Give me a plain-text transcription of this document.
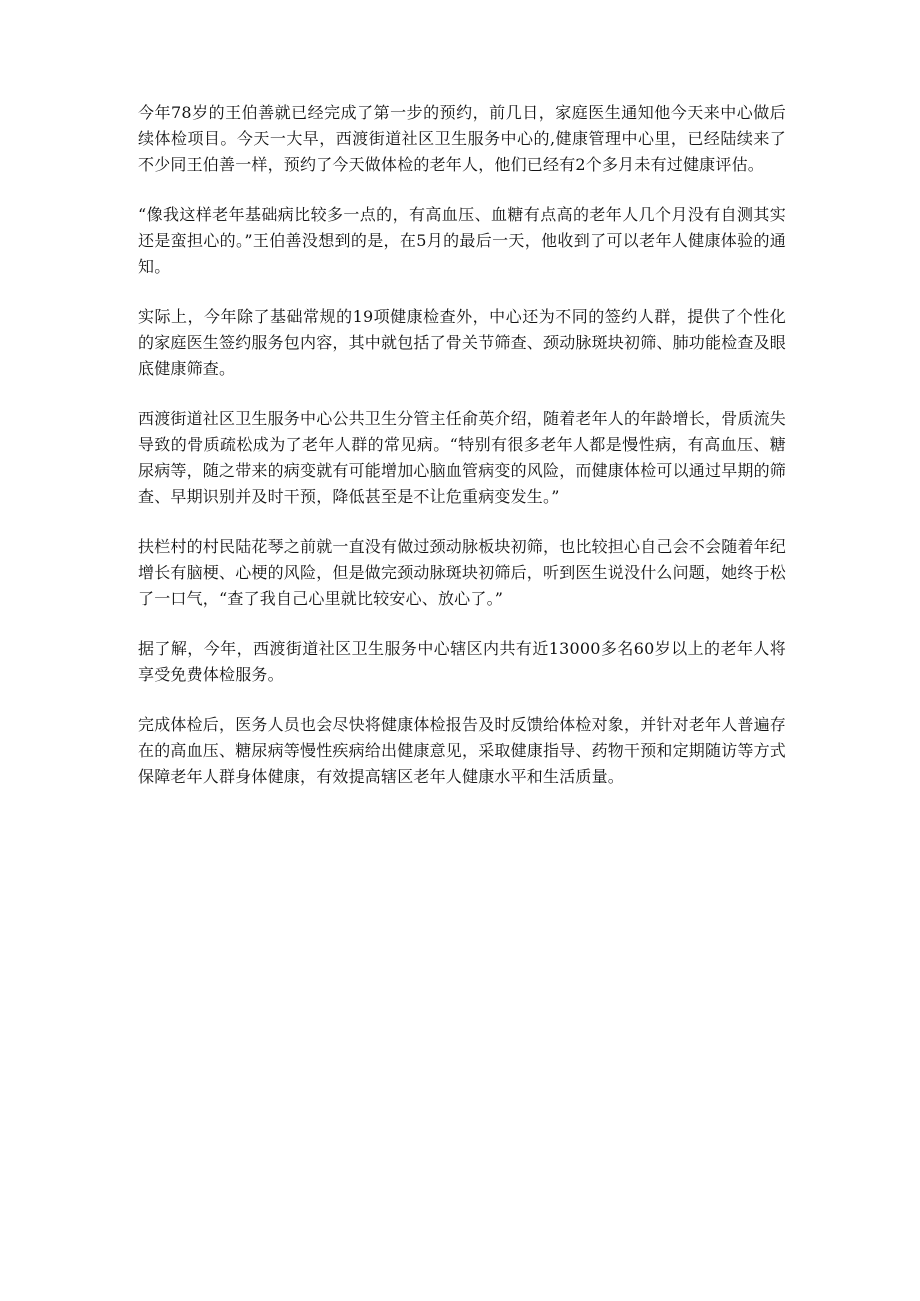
今年78岁的王伯善就已经完成了第一步的预约，前几日，家庭医生通知他今天来中心做后续体检项目。今天一大早，西渡街道社区卫生服务中心的,健康管理中心里，已经陆续来了不少同王伯善一样，预约了今天做体检的老年人，他们已经有2个多月未有过健康评估。

“像我这样老年基础病比较多一点的，有高血压、血糖有点高的老年人几个月没有自测其实还是蛮担心的。”王伯善没想到的是，在5月的最后一天，他收到了可以老年人健康体验的通知。

实际上，今年除了基础常规的19项健康检查外，中心还为不同的签约人群，提供了个性化的家庭医生签约服务包内容，其中就包括了骨关节筛查、颈动脉斑块初筛、肺功能检查及眼底健康筛查。

西渡街道社区卫生服务中心公共卫生分管主任俞英介绍，随着老年人的年龄增长，骨质流失导致的骨质疏松成为了老年人群的常见病。“特别有很多老年人都是慢性病，有高血压、糖尿病等，随之带来的病变就有可能增加心脑血管病变的风险，而健康体检可以通过早期的筛查、早期识别并及时干预，降低甚至是不让危重病变发生。”

扶栏村的村民陆花琴之前就一直没有做过颈动脉板块初筛，也比较担心自己会不会随着年纪增长有脑梗、心梗的风险，但是做完颈动脉斑块初筛后，听到医生说没什么问题，她终于松了一口气，“查了我自己心里就比较安心、放心了。”

据了解，今年，西渡街道社区卫生服务中心辖区内共有近13000多名60岁以上的老年人将享受免费体检服务。

完成体检后，医务人员也会尽快将健康体检报告及时反馈给体检对象，并针对老年人普遍存在的高血压、糖尿病等慢性疾病给出健康意见，采取健康指导、药物干预和定期随访等方式保障老年人群身体健康，有效提高辖区老年人健康水平和生活质量。
